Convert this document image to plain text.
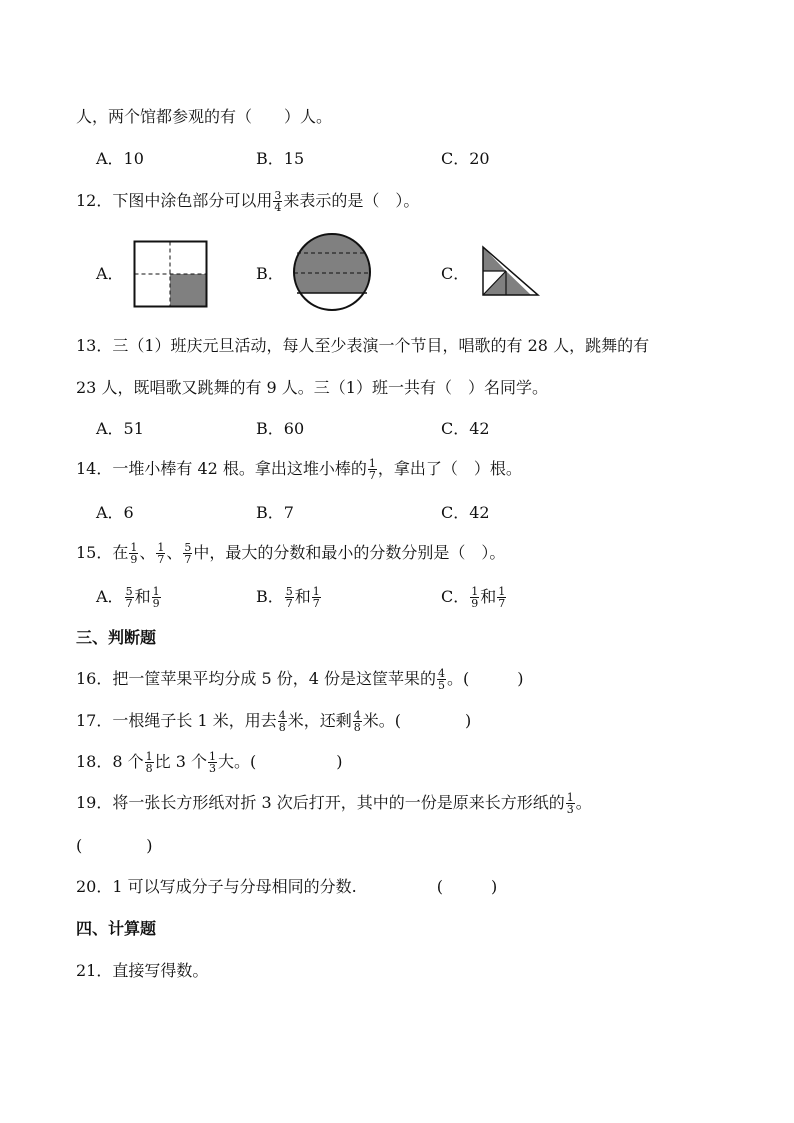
人，两个馆都参观的有（　　）人。
A．10	B．15	C．20
12．下图中涂色部分可以用 $\frac{3}{4}$ 来表示的是（　）。
A．	B．	C．
13．三（1）班庆元旦活动，每人至少表演一个节目，唱歌的有 28 人，跳舞的有
23 人，既唱歌又跳舞的有 9 人。三（1）班一共有（　）名同学。
A．51	B．60	C．42
14．一堆小棒有 42 根。拿出这堆小棒的 $\frac{1}{7}$ ，拿出了（　）根。
A．6	B．7	C．42
15．在 $\frac{1}{9}$ 、 $\frac{1}{7}$ 、 $\frac{5}{7}$ 中，最大的分数和最小的分数分别是（　）。
A． $\frac{5}{7}$ 和 $\frac{1}{9}$	B． $\frac{5}{7}$ 和 $\frac{1}{7}$	C． $\frac{1}{9}$ 和 $\frac{1}{7}$
三、判断题
16．把一筐苹果平均分成 5 份，4 份是这筐苹果的 $\frac{4}{5}$ 。(　　　)
17．一根绳子长 1 米，用去 $\frac{4}{8}$ 米，还剩 $\frac{4}{8}$ 米。(　　　　)
18．8 个 $\frac{1}{8}$ 比 3 个 $\frac{1}{3}$ 大。(　　　　　)
19．将一张长方形纸对折 3 次后打开，其中的一份是原来长方形纸的 $\frac{1}{3}$ 。
(　　　　)
20．1 可以写成分子与分母相同的分数.　　　　　(　　　)
四、计算题
21．直接写得数。
